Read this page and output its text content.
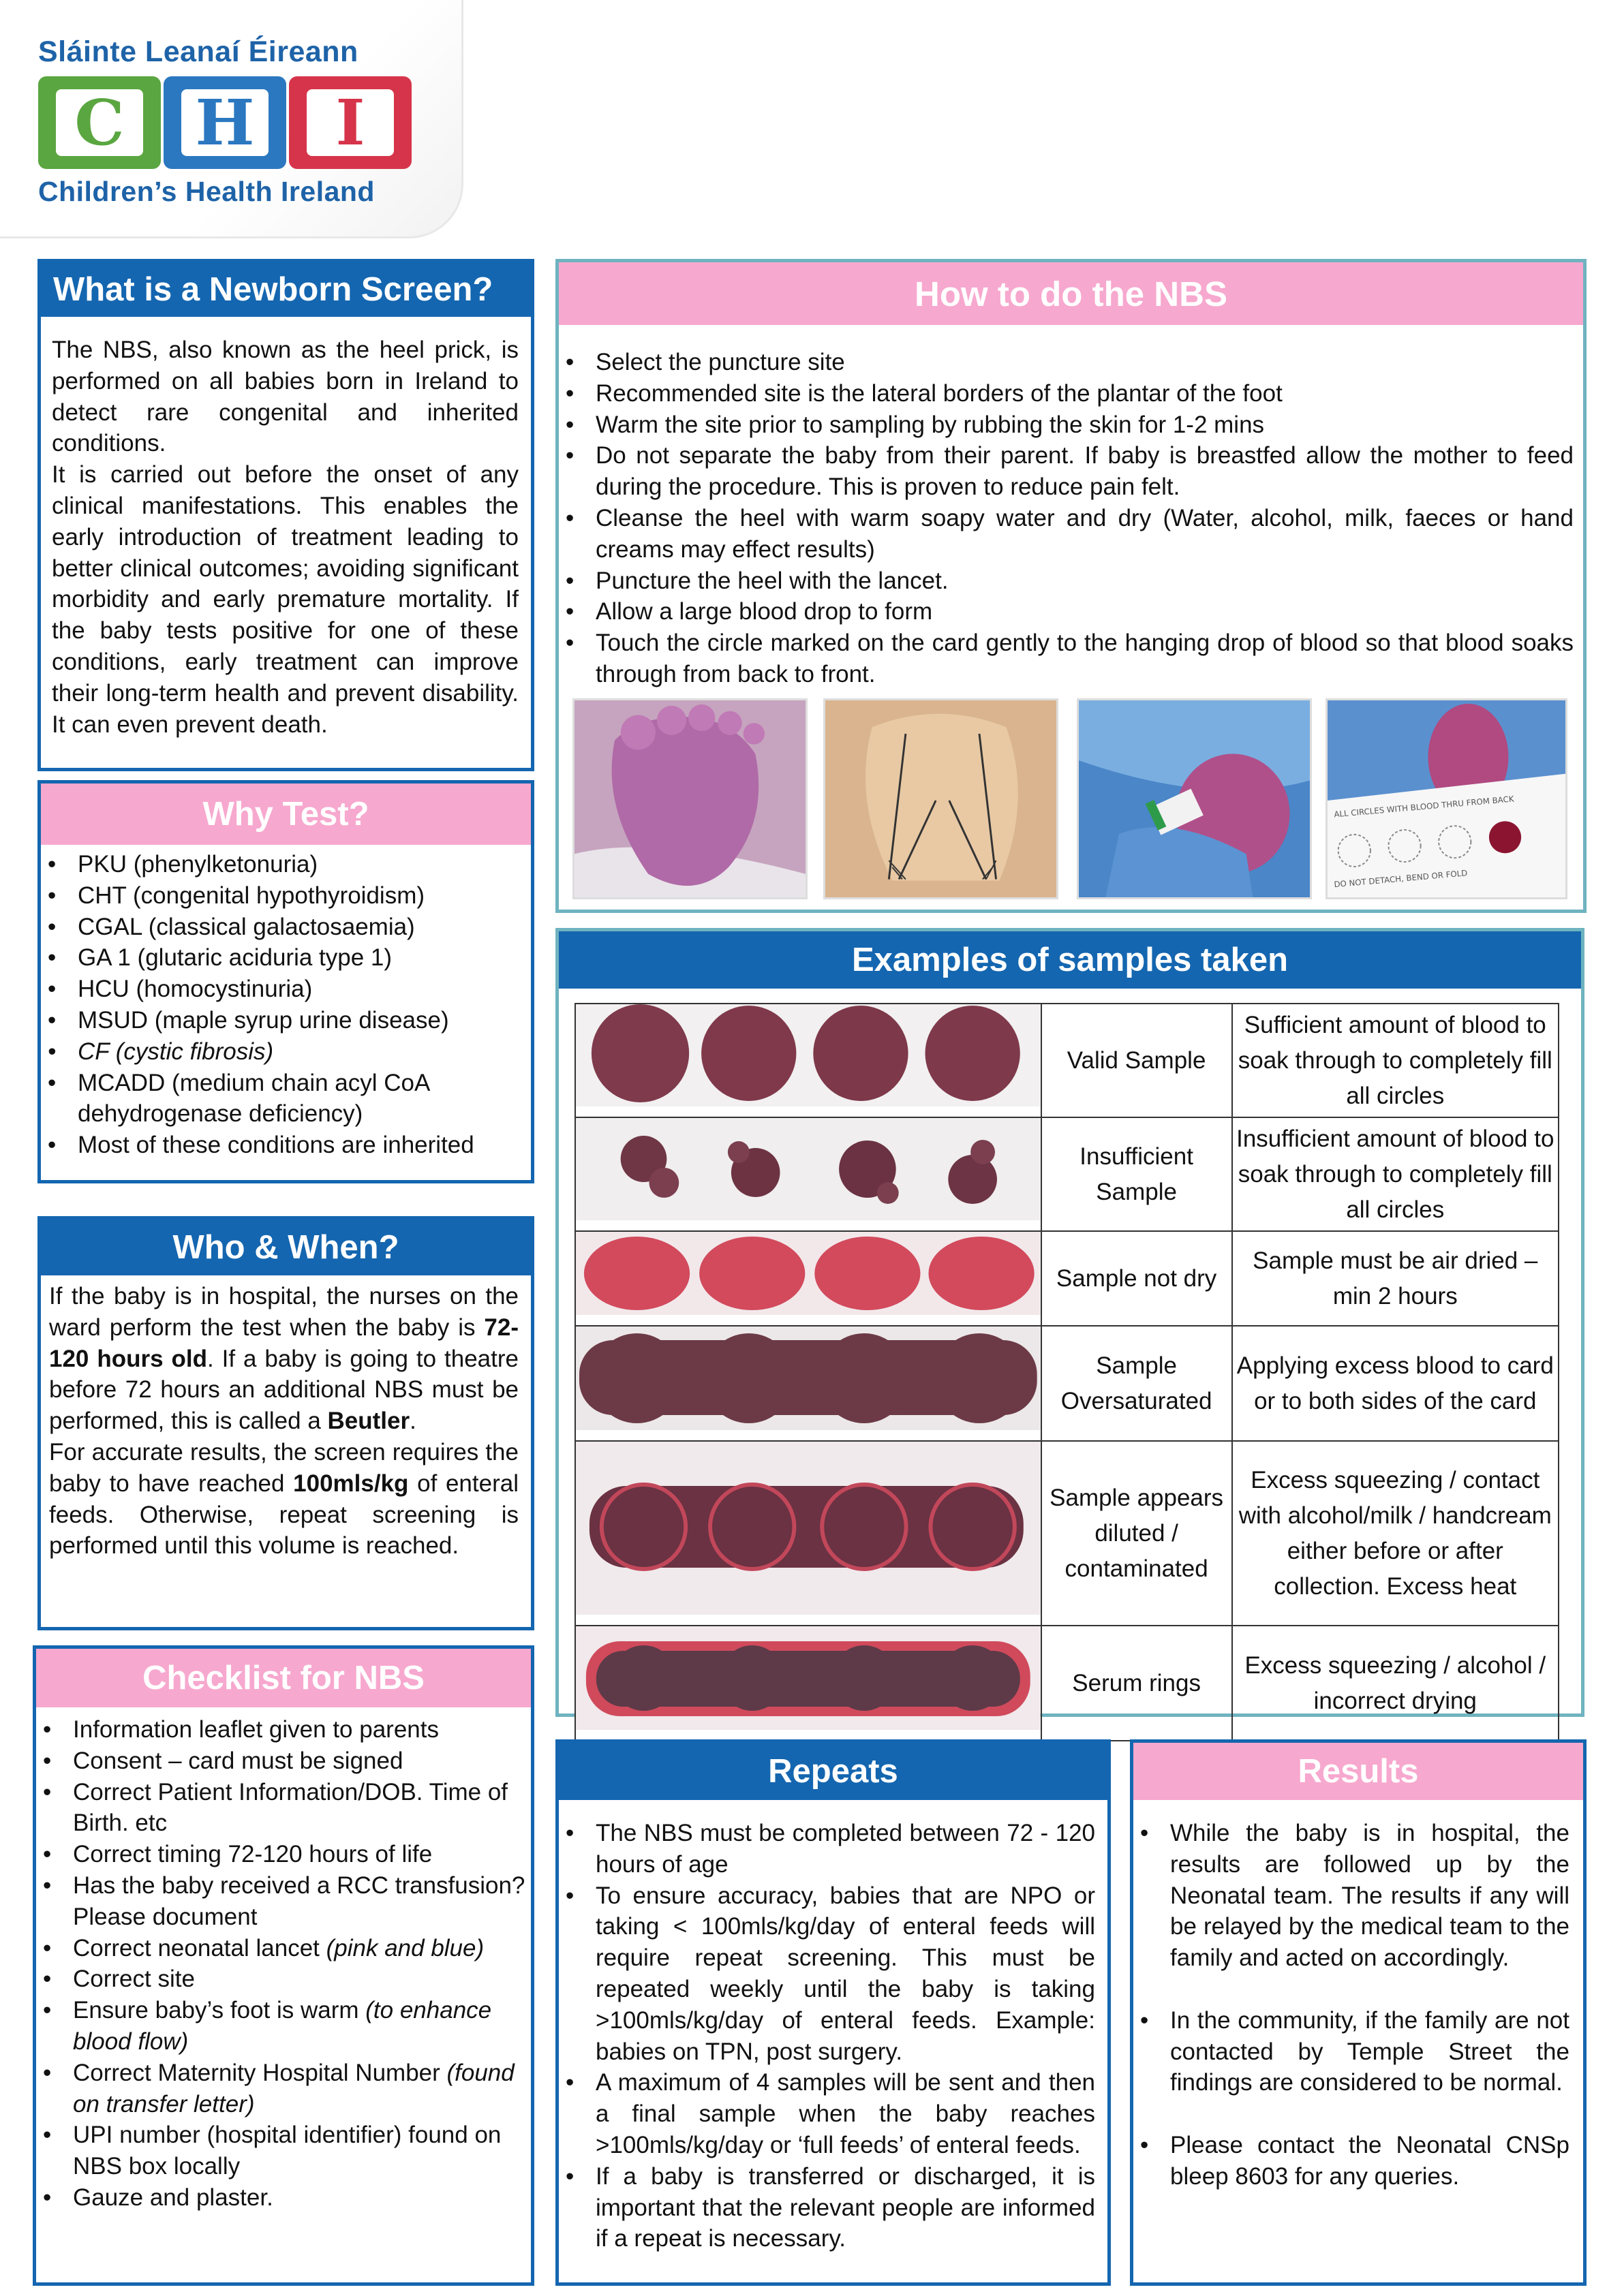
Sláinte Leanaí Éireann
C H	I
Children’s Health Ireland
What is a Newborn Screen?

The NBS, also known as the heel prick, is performed on all babies born in Ireland to detect rare congenital and inherited conditions.

It is carried out before the onset of any clinical manifestations. This enables the early introduction of treatment leading to better clinical outcomes; avoiding significant morbidity and early premature mortality. If the baby tests positive for one of these conditions, early treatment can improve their long-term health and prevent disability. It can even prevent death.

Why Test?
• PKU (phenylketonuria)
• CHT (congenital hypothyroidism)
• CGAL (classical galactosaemia)
• GA 1 (glutaric aciduria type 1)
• HCU (homocystinuria)
• MSUD (maple syrup urine disease)
• CF (cystic fibrosis)
• MCADD (medium chain acyl CoA dehydrogenase deficiency)
• Most of these conditions are inherited
Who & When?

If the baby is in hospital, the nurses on the ward perform the test when the baby is 72-120 hours old. If a baby is going to theatre before 72 hours an additional NBS must be performed, this is called a Beutler.

For accurate results, the screen requires the baby to have reached 100mls/kg of enteral feeds. Otherwise, repeat screening is performed until this volume is reached.

Checklist for NBS
• Information leaflet given to parents
• Consent – card must be signed
• Correct Patient Information/DOB. Time of Birth. etc
• Correct timing 72-120 hours of life
• Has the baby received a RCC transfusion? Please document
• Correct neonatal lancet (pink and blue)
• Correct site
• Ensure baby’s foot is warm (to enhance blood flow)
• Correct Maternity Hospital Number (found on transfer letter)
• UPI number (hospital identifier) found on NBS box locally
• Gauze and plaster.
How to do the NBS
• Select the puncture site
• Recommended site is the lateral borders of the plantar of the foot
• Warm the site prior to sampling by rubbing the skin for 1-2 mins
• Do not separate the baby from their parent. If baby is breastfed allow the mother to feed during the procedure. This is proven to reduce pain felt.
• Cleanse the heel with warm soapy water and dry (Water, alcohol, milk, faeces or hand creams may effect results)
• Puncture the heel with the lancet.
• Allow a large blood drop to form
• Touch the circle marked on the card gently to the hanging drop of blood so that blood soaks through from back to front.
ALL CIRCLES WITH BLOOD THRU FROM BACK
DO NOT DETACH, BEND OR FOLD
Examples of samples taken

Valid Sample	Sufficient amount of blood to soak through to completely fill all circles

Insufficient Sample	Insufficient amount of blood to soak through to completely fill all circles

Sample not dry	Sample must be air dried – min 2 hours

Sample Oversaturated	Applying excess blood to card or to both sides of the card

Sample appears diluted / contaminated	Excess squeezing / contact with alcohol/milk / handcream either before or after collection. Excess heat

Serum rings	Excess squeezing / alcohol / incorrect drying
Repeats
• The NBS must be completed between 72 - 120 hours of age
• To ensure accuracy, babies that are NPO or taking < 100mls/kg/day of enteral feeds will require repeat screening. This must be repeated weekly until the baby is taking >100mls/kg/day of enteral feeds. Example: babies on TPN, post surgery.
• A maximum of 4 samples will be sent and then a final sample when the baby reaches >100mls/kg/day or ‘full feeds’ of enteral feeds.
• If a baby is transferred or discharged, it is important that the relevant people are informed if a repeat is necessary.
Results
• While the baby is in hospital, the results are followed up by the Neonatal team. The results if any will be relayed by the medical team to the family and acted on accordingly.
• In the community, if the family are not contacted by Temple Street the findings are considered to be normal.
• Please contact the Neonatal CNSp bleep 8603 for any queries.
